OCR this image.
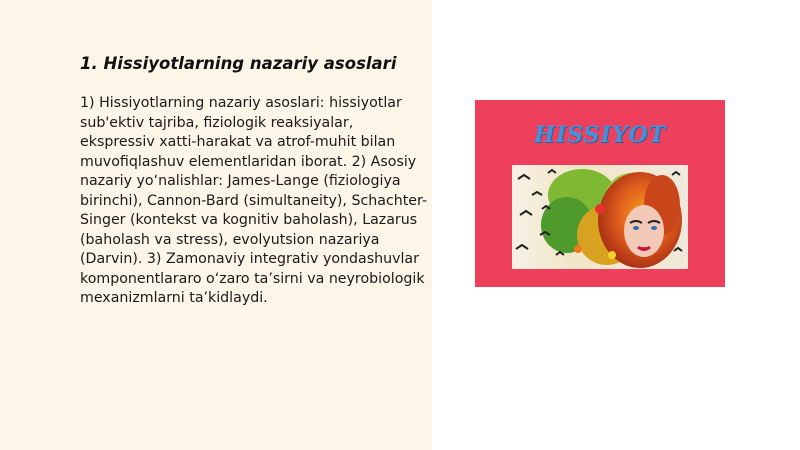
1. Hissiyotlarning nazariy asoslari

1) Hissiyotlarning nazariy asoslari: hissiyotlar sub'ektiv tajriba, fiziologik reaksiyalar, ekspressiv xatti-harakat va atrof-muhit bilan muvofiqlashuv elementlaridan iborat. 2) Asosiy nazariy yo‘nalishlar: James-Lange (fiziologiya birinchi), Cannon-Bard (simultaneity), Schachter-Singer (kontekst va kognitiv baholash), Lazarus (baholash va stress), evolyutsion nazariya (Darvin). 3) Zamonaviy integrativ yondashuvlar komponentlararo o‘zaro ta’sirni va neyrobiologik mexanizmlarni ta’kidlaydi.

HISSIYOT
